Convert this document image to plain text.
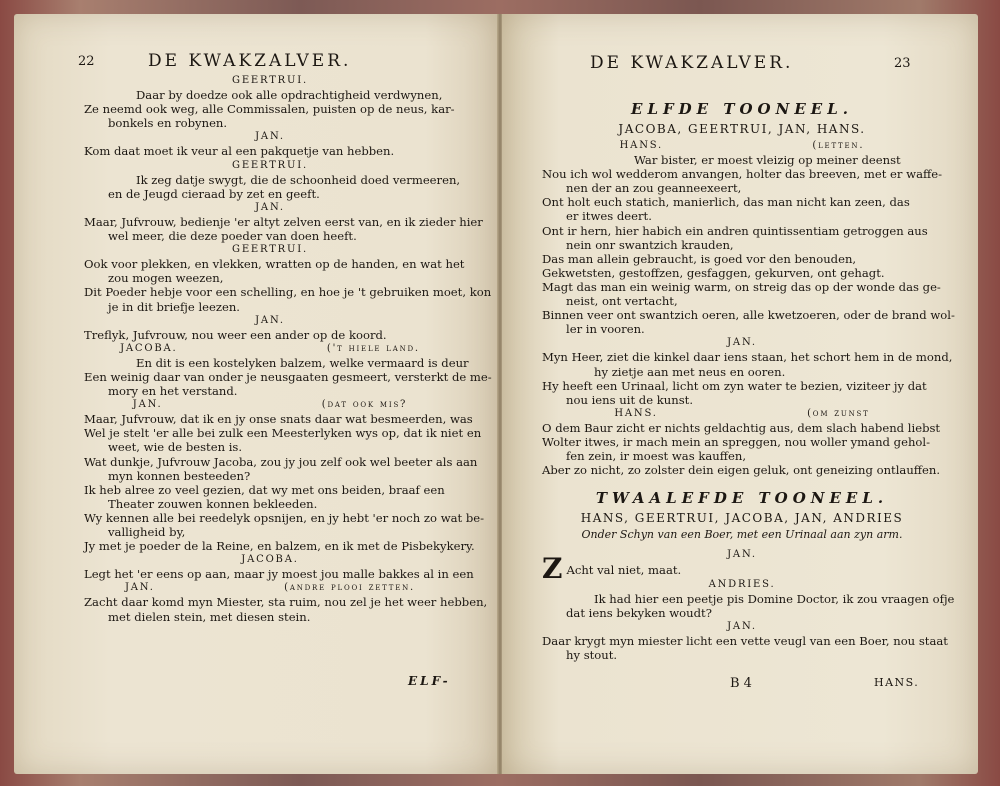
22	DE KWAKZALVER.
GEERTRUI.
Daar by doedze ook alle opdrachtigheid verdwynen,
Ze neemd ook weg, alle Commissalen, puisten op de neus, kar-
bonkels en robynen.
JAN.
Kom daat moet ik veur al een pakquetje van hebben.
GEERTRUI.
Ik zeg datje swygt, die de schoonheid doed vermeeren,
en de Jeugd cieraad by zet en geeft.
JAN.
Maar, Jufvrouw, bedienje 'er altyt zelven eerst van, en ik zieder hier
wel meer, die deze poeder van doen heeft.
GEERTRUI.
Ook voor plekken, en vlekken, wratten op de handen, en wat het
zou mogen weezen,
Dit Poeder hebje voor een schelling, en hoe je 't gebruiken moet, kon
je in dit briefje leezen.
JAN.
Treflyk, Jufvrouw, nou weer een ander op de koord.
JACOBA.                              ('t hiele land.
En dit is een kostelyken balzem, welke vermaard is deur
Een weinig daar van onder je neusgaaten gesmeert, versterkt de me-
mory en het verstand.
JAN.                                (dat ook mis?
Maar, Jufvrouw, dat ik en jy onse snats daar wat besmeerden, was
Wel je stelt 'er alle bei zulk een Meesterlyken wys op, dat ik niet en
weet, wie de besten is.
Wat dunkje, Jufvrouw Jacoba, zou jy jou zelf ook wel beeter als aan
myn konnen besteeden?
Ik heb alree zo veel gezien, dat wy met ons beiden, braaf een
Theater zouwen konnen bekleeden.
Wy kennen alle bei reedelyk opsnijen, en jy hebt 'er noch zo wat be-
valligheid by,
Jy met je poeder de la Reine, en balzem, en ik met de Pisbekykery.
JACOBA.
Legt het 'er eens op aan, maar jy moest jou malle bakkes al in een
JAN.                          (andre plooi zetten.
Zacht daar komd myn Miester, sta ruim, nou zel je het weer hebben,
met dielen stein, met diesen stein.
ELF-
DE KWAKZALVER.	23
ELFDE TOONEEL.
JACOBA, GEERTRUI, JAN, HANS.
HANS.                              (letten.
War bister, er moest vleizig op meiner deenst
Nou ich wol wedderom anvangen, holter das breeven, met er waffe-
nen der an zou geanneexeert,
Ont holt euch statich, manierlich, das man nicht kan zeen, das
er itwes deert.
Ont ir hern, hier habich ein andren quintissentiam getroggen aus
nein onr swantzich krauden,
Das man allein gebraucht, is goed vor den benouden,
Gekwetsten, gestoffzen, gesfaggen, gekurven, ont gehagt.
Magt das man ein weinig warm, on streig das op der wonde das ge-
neist, ont vertacht,
Binnen veer ont swantzich oeren, alle kwetzoeren, oder de brand wol-
ler in vooren.
JAN.
Myn Heer, ziet die kinkel daar iens staan, het schort hem in de mond,
hy zietje aan met neus en ooren.
Hy heeft een Urinaal, licht om zyn water te bezien, viziteer jy dat
nou iens uit de kunst.
HANS.                              (om zunst
O dem Baur zicht er nichts geldachtig aus, dem slach habend liebst
Wolter itwes, ir mach mein an spreggen, nou woller ymand gehol-
fen zein, ir moest was kauffen,
Aber zo nicht, zo zolster dein eigen geluk, ont geneizing ontlauffen.
TWAALEFDE TOONEEL.
HANS, GEERTRUI, JACOBA, JAN, ANDRIES
Onder Schyn van een Boer, met een Urinaal aan zyn arm.
JAN.
Z Acht val niet, maat.
ANDRIES.
Ik had hier een peetje pis Domine Doctor, ik zou vraagen ofje
dat iens bekyken woudt?
JAN.
Daar krygt myn miester licht een vette veugl van een Boer, nou staat
hy stout.
B 4	HANS.
